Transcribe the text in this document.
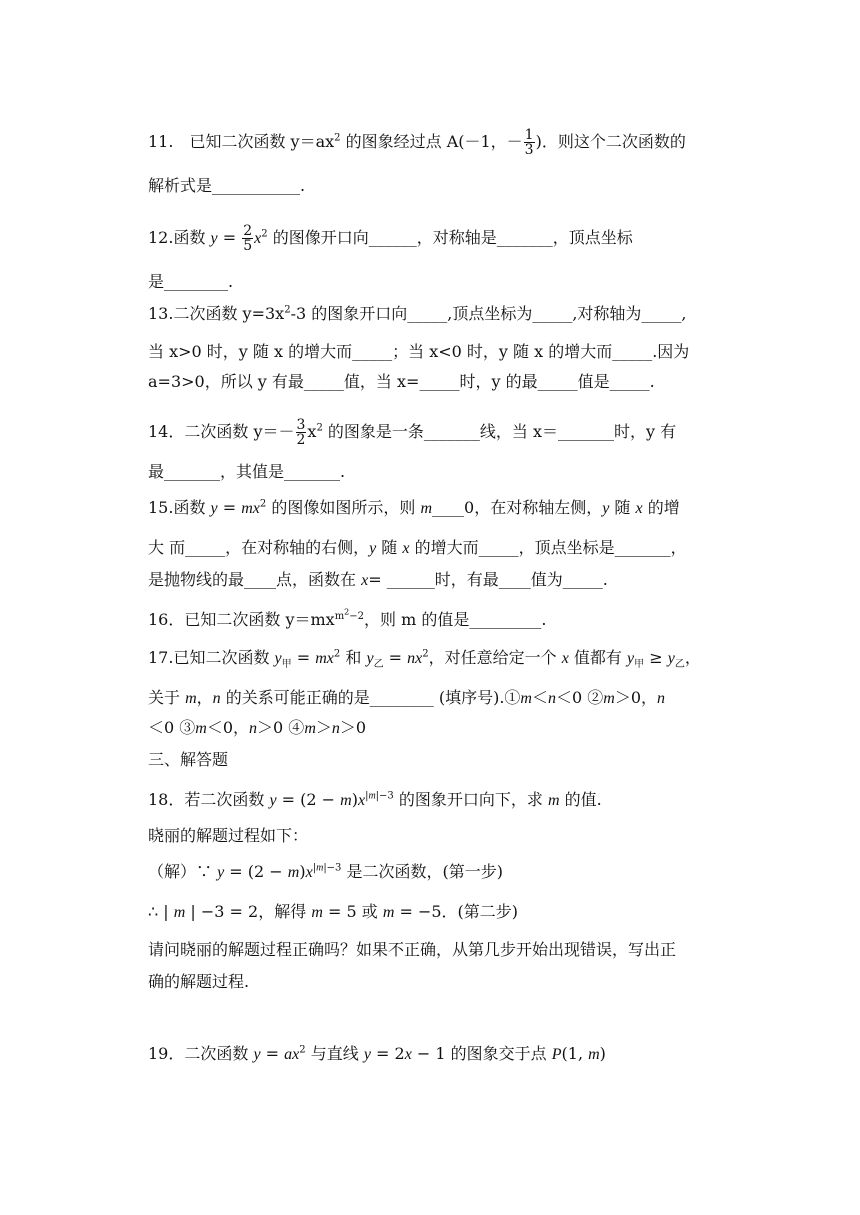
11.　已知二次函数 $y=ax^2$ 的图象经过点 A(－1，－ $\frac{1}{3}$ )．则这个二次函数的
解析式是___________.
12.函数 $y = \frac{2}{5} x^2$ 的图像开口向______，对称轴是_______，顶点坐标
是________.
13.二次函数 $y=3x^2-3$ 的图象开口向_____,顶点坐标为_____,对称轴为_____,
当 x>0 时，y 随 x 的增大而_____；当 x<0 时，y 随 x 的增大而_____.因为
a=3>0，所以 y 有最_____值，当 x=_____时，y 的最_____值是_____.
14．二次函数 $y=- \frac{3}{2} x^2$ 的图象是一条_______线，当 x＝_______时，y 有
最_______，其值是_______.
15.函数 $y = mx^2$ 的图像如图所示，则 m____0，在对称轴左侧，y 随 x 的增
大 而_____，在对称轴的右侧，y 随 x 的增大而_____，顶点坐标是_______，
是抛物线的最____点，函数在 x= ______时，有最____值为_____.
16．已知二次函数 $y=mx^{m^2-2}$，则 m 的值是_________.
17.已知二次函数 $y_甲 = mx^2$ 和 $y_乙 = nx^2$，对任意给定一个 x 值都有 $y_甲 \ge y_乙$，
关于 m，n 的关系可能正确的是________ (填序号).①m＜n＜0 ②m＞0，n
＜0 ③m＜0，n＞0 ④m＞n＞0
三、解答题
18．若二次函数 $y = (2 - m)x^{|m|-3}$ 的图象开口向下，求 m 的值.
晓丽的解题过程如下：
（解）∵ $y = (2 - m)x^{|m|-3}$ 是二次函数，(第一步)
∴ | m | −3 = 2，解得 m = 5 或 m = −5．(第二步)
请问晓丽的解题过程正确吗？如果不正确，从第几步开始出现错误，写出正
确的解题过程.
19．二次函数 $y = ax^2$ 与直线 y = 2x − 1 的图象交于点 P(1, m)
